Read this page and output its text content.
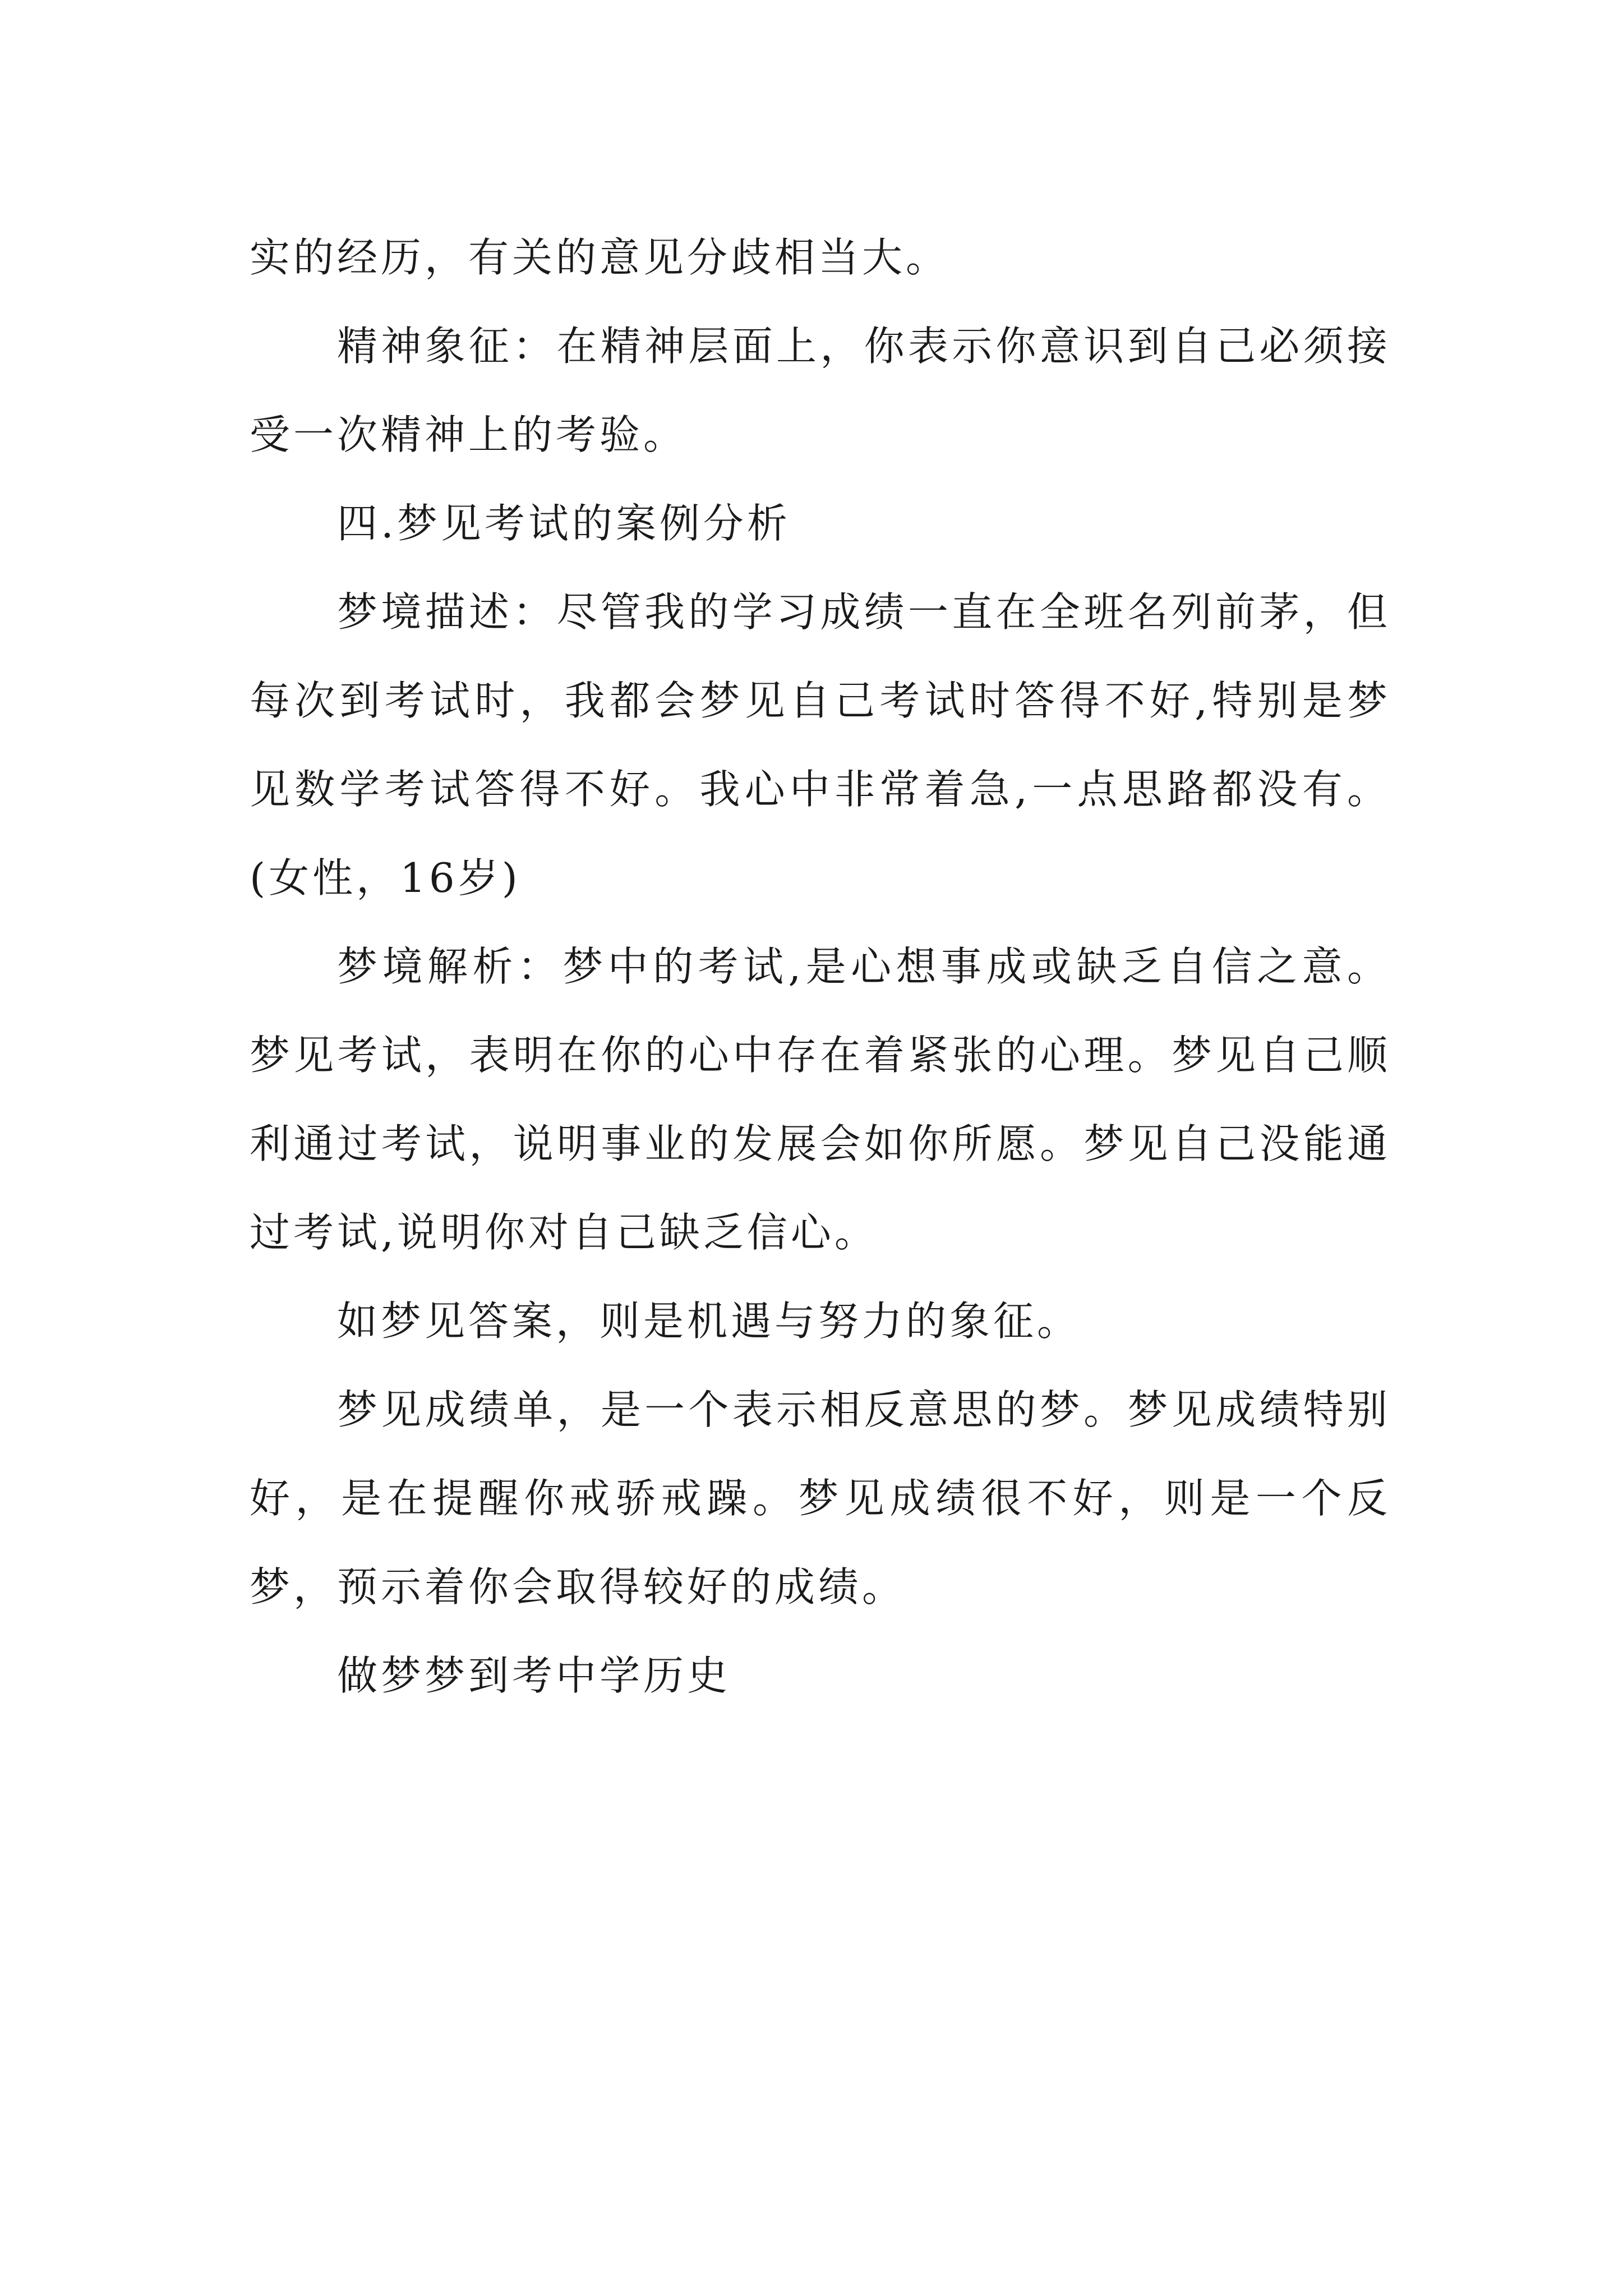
实的经历，有关的意见分歧相当大。

精神象征：在精神层面上，你表示你意识到自己必须接受一次精神上的考验。

四.梦见考试的案例分析

梦境描述：尽管我的学习成绩一直在全班名列前茅，但每次到考试时，我都会梦见自己考试时答得不好,特别是梦见数学考试答得不好。我心中非常着急,一点思路都没有。(女性，16岁)

梦境解析：梦中的考试,是心想事成或缺乏自信之意。梦见考试，表明在你的心中存在着紧张的心理。梦见自己顺利通过考试，说明事业的发展会如你所愿。梦见自己没能通过考试,说明你对自己缺乏信心。

如梦见答案，则是机遇与努力的象征。

梦见成绩单，是一个表示相反意思的梦。梦见成绩特别好，是在提醒你戒骄戒躁。梦见成绩很不好，则是一个反梦，预示着你会取得较好的成绩。

做梦梦到考中学历史
